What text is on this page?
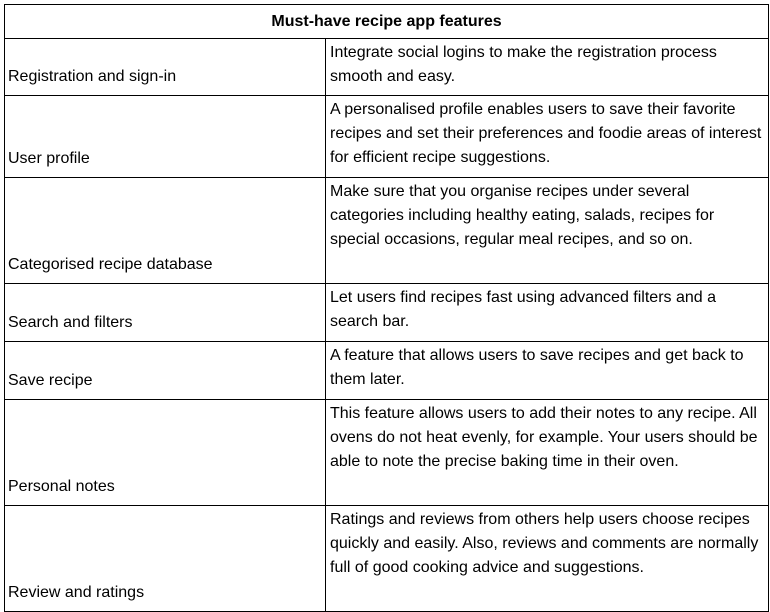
Must-have recipe app features	
Registration and sign-in	Integrate social logins to make the registration process smooth and easy.
User profile	A personalised profile enables users to save their favorite recipes and set their preferences and foodie areas of interest for efficient recipe suggestions.
Categorised recipe database	Make sure that you organise recipes under several categories including healthy eating, salads, recipes for special occasions, regular meal recipes, and so on.
Search and filters	Let users find recipes fast using advanced filters and a search bar.
Save recipe	A feature that allows users to save recipes and get back to them later.
Personal notes	This feature allows users to add their notes to any recipe. All ovens do not heat evenly, for example. Your users should be able to note the precise baking time in their oven.
Review and ratings	Ratings and reviews from others help users choose recipes quickly and easily. Also, reviews and comments are normally full of good cooking advice and suggestions.
